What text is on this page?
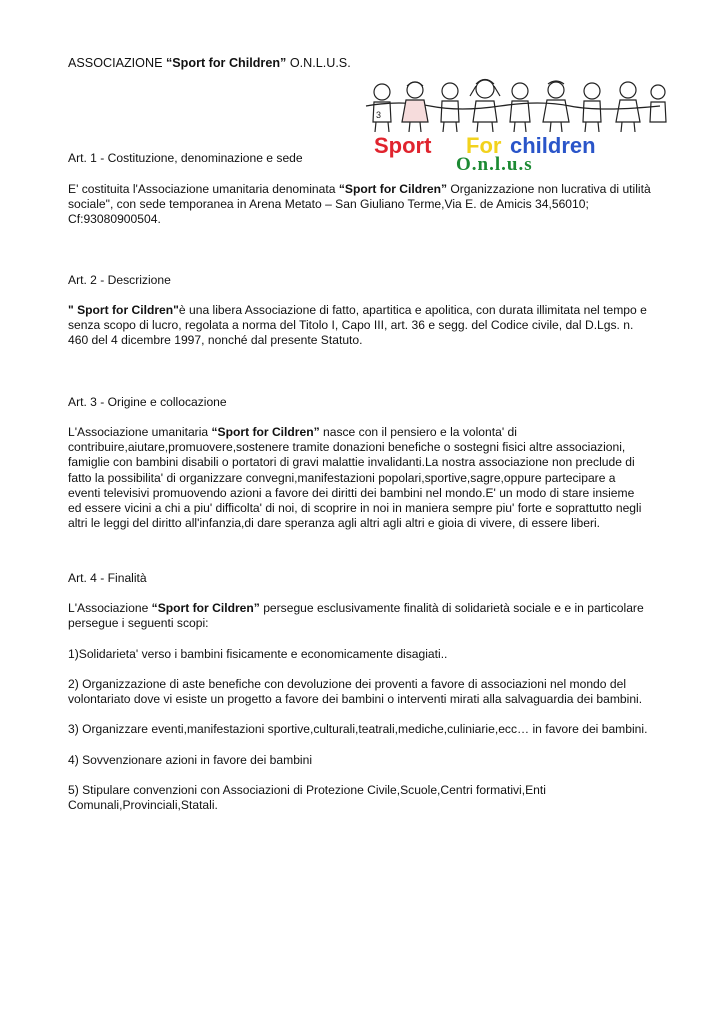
ASSOCIAZIONE “Sport for Children” O.N.L.U.S.

3
Sport For children
O.n.l.u.s

Art. 1 - Costituzione, denominazione e sede

E' costituita l'Associazione umanitaria denominata “Sport for Cildren” Organizzazione non lucrativa di utilità
sociale", con sede temporanea in Arena Metato – San Giuliano Terme,Via E. de Amicis 34,56010;
Cf:93080900504.

Art. 2 - Descrizione

" Sport for Cildren"è una libera Associazione di fatto, apartitica e apolitica, con durata illimitata nel tempo e
senza scopo di lucro, regolata a norma del Titolo I, Capo III, art. 36 e segg. del Codice civile, dal D.Lgs. n.
460 del 4 dicembre 1997, nonché dal presente Statuto.

Art. 3 - Origine e collocazione

L'Associazione umanitaria “Sport for Cildren” nasce con il pensiero e la volonta' di
contribuire,aiutare,promuovere,sostenere tramite donazioni benefiche o sostegni fisici altre associazioni,
famiglie con bambini disabili o portatori di gravi malattie invalidanti.La nostra associazione non preclude di
fatto la possibilita' di organizzare convegni,manifestazioni popolari,sportive,sagre,oppure partecipare a
eventi televisivi promuovendo azioni a favore dei diritti dei bambini nel mondo.E' un modo di stare insieme
ed essere vicini a chi a piu' difficolta' di noi, di scoprire in noi in maniera sempre piu' forte e soprattutto negli
altri le leggi del diritto all'infanzia,di dare speranza agli altri agli altri e gioia di vivere, di essere liberi.

Art. 4 - Finalità

L'Associazione “Sport for Cildren” persegue esclusivamente finalità di solidarietà sociale e e in particolare
persegue i seguenti scopi:
1)Solidarieta' verso i bambini fisicamente e economicamente disagiati..
2) Organizzazione di aste benefiche con devoluzione dei proventi a favore di associazioni nel mondo del
volontariato dove vi esiste un progetto a favore dei bambini o interventi mirati alla salvaguardia dei bambini.
3) Organizzare eventi,manifestazioni sportive,culturali,teatrali,mediche,culiniarie,ecc… in favore dei bambini.
4) Sovvenzionare azioni in favore dei bambini
5) Stipulare convenzioni con Associazioni di Protezione Civile,Scuole,Centri formativi,Enti
Comunali,Provinciali,Statali.
